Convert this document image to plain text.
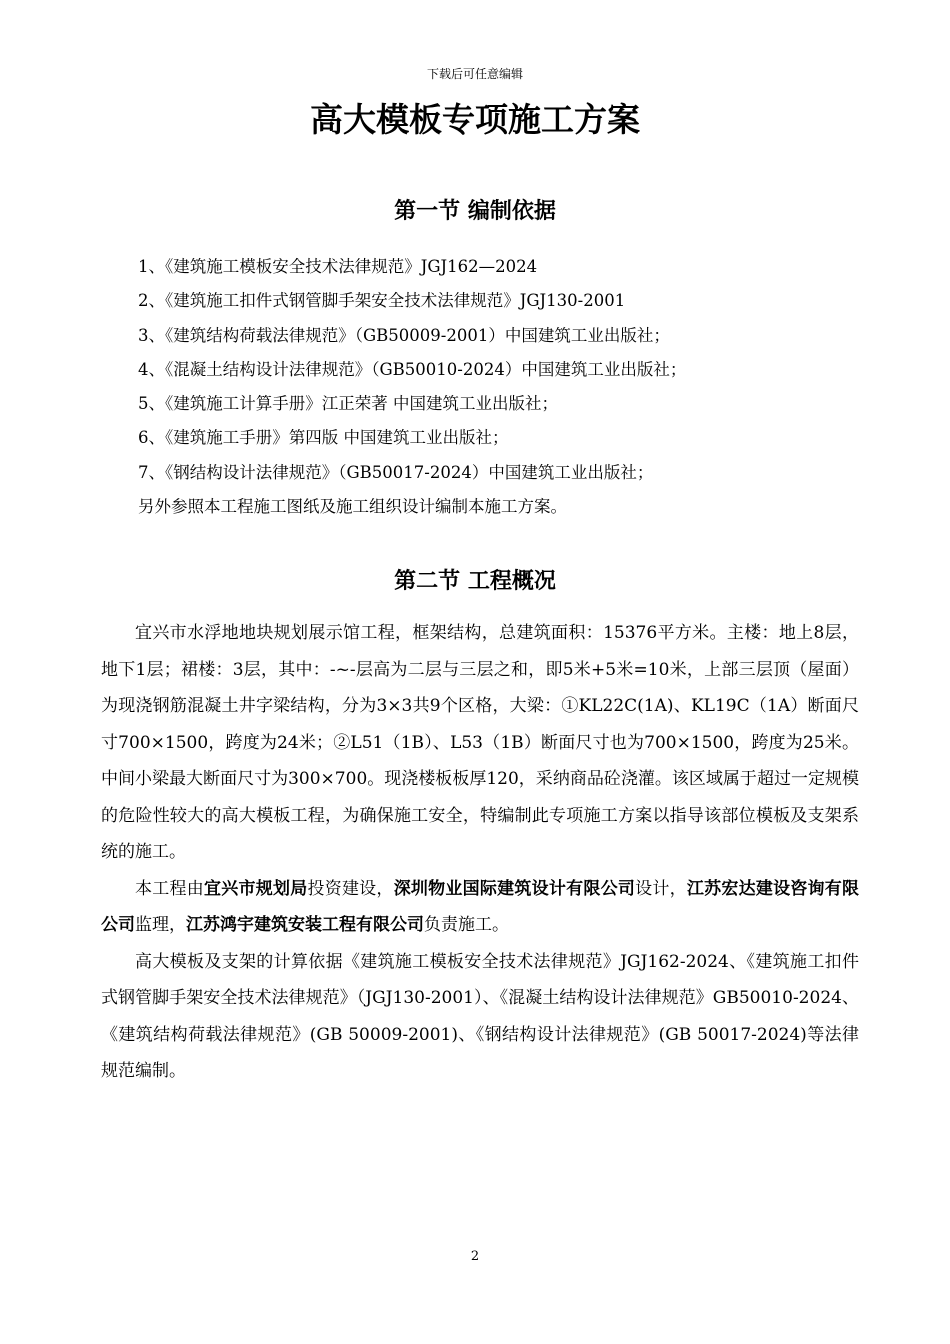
下载后可任意编辑
高大模板专项施工方案
第一节 编制依据
1、《建筑施工模板安全技术法律规范》JGJ162—2024
2、《建筑施工扣件式钢管脚手架安全技术法律规范》JGJ130-2001
3、《建筑结构荷载法律规范》（GB50009-2001）中国建筑工业出版社；
4、《混凝土结构设计法律规范》（GB50010-2024）中国建筑工业出版社；
5、《建筑施工计算手册》江正荣著 中国建筑工业出版社；
6、《建筑施工手册》第四版 中国建筑工业出版社；
7、《钢结构设计法律规范》（GB50017-2024）中国建筑工业出版社；
另外参照本工程施工图纸及施工组织设计编制本施工方案。
第二节 工程概况

宜兴市水浮地地块规划展示馆工程，框架结构，总建筑面积：15376平方米。主楼：地上8层，地下1层；裙楼：3层，其中：-~-层高为二层与三层之和，即5米+5米=10米，上部三层顶（屋面）为现浇钢筋混凝土井字梁结构，分为3×3共9个区格，大梁：①KL22C(1A)、KL19C（1A）断面尺寸700×1500，跨度为24米；②L51（1B）、L53（1B）断面尺寸也为700×1500，跨度为25米。中间小梁最大断面尺寸为300×700。现浇楼板板厚120，采纳商品砼浇灌。该区域属于超过一定规模的危险性较大的高大模板工程，为确保施工安全，特编制此专项施工方案以指导该部位模板及支架系统的施工。

本工程由宜兴市规划局投资建设，深圳物业国际建筑设计有限公司设计，江苏宏达建设咨询有限公司监理，江苏鸿宇建筑安装工程有限公司负责施工。

高大模板及支架的计算依据《建筑施工模板安全技术法律规范》JGJ162-2024、《建筑施工扣件式钢管脚手架安全技术法律规范》（JGJ130-2001）、《混凝土结构设计法律规范》GB50010-2024、《建筑结构荷载法律规范》(GB 50009-2001)、《钢结构设计法律规范》(GB 50017-2024)等法律规范编制。

2
